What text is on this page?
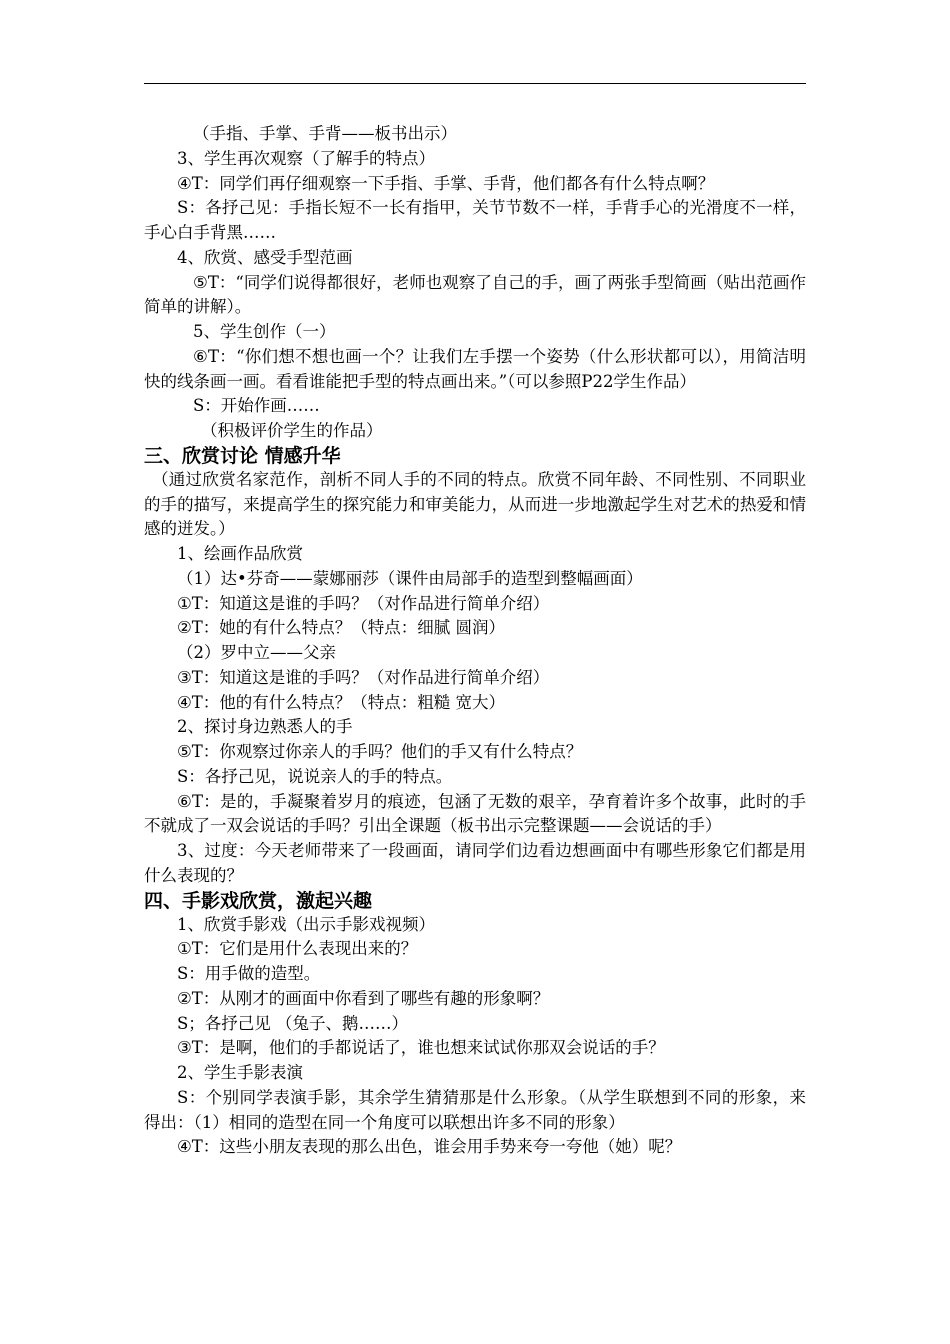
（手指、手掌、手背——板书出示）
3、学生再次观察（了解手的特点）
④T：同学们再仔细观察一下手指、手掌、手背，他们都各有什么特点啊？
S：各抒己见：手指长短不一长有指甲，关节节数不一样，手背手心的光滑度不一样，手心白手背黑……
4、欣赏、感受手型范画
⑤T：“同学们说得都很好，老师也观察了自己的手，画了两张手型简画（贴出范画作简单的讲解）。
5、学生创作（一）
⑥T：“你们想不想也画一个？让我们左手摆一个姿势（什么形状都可以），用简洁明快的线条画一画。看看谁能把手型的特点画出来。”（可以参照P22学生作品）
S：开始作画……
（积极评价学生的作品）
三、欣赏讨论 情感升华
（通过欣赏名家范作，剖析不同人手的不同的特点。欣赏不同年龄、不同性别、不同职业的手的描写，来提高学生的探究能力和审美能力，从而进一步地激起学生对艺术的热爱和情感的迸发。）
1、绘画作品欣赏
（1）达•芬奇——蒙娜丽莎（课件由局部手的造型到整幅画面）
①T：知道这是谁的手吗？（对作品进行简单介绍）
②T：她的有什么特点？（特点：细腻 圆润）
（2）罗中立——父亲
③T：知道这是谁的手吗？（对作品进行简单介绍）
④T：他的有什么特点？（特点：粗糙 宽大）
2、探讨身边熟悉人的手
⑤T：你观察过你亲人的手吗？他们的手又有什么特点？
S：各抒己见，说说亲人的手的特点。
⑥T：是的，手凝聚着岁月的痕迹，包涵了无数的艰辛，孕育着许多个故事，此时的手不就成了一双会说话的手吗？引出全课题（板书出示完整课题——会说话的手）
3、过度：今天老师带来了一段画面，请同学们边看边想画面中有哪些形象它们都是用什么表现的？
四、手影戏欣赏，激起兴趣
1、欣赏手影戏（出示手影戏视频）
①T：它们是用什么表现出来的？
S：用手做的造型。
②T：从刚才的画面中你看到了哪些有趣的形象啊？
S；各抒己见 （兔子、鹅……）
③T：是啊，他们的手都说话了，谁也想来试试你那双会说话的手？
2、学生手影表演
S：个别同学表演手影，其余学生猜猜那是什么形象。（从学生联想到不同的形象，来得出：（1）相同的造型在同一个角度可以联想出许多不同的形象）
④T：这些小朋友表现的那么出色，谁会用手势来夸一夸他（她）呢？
